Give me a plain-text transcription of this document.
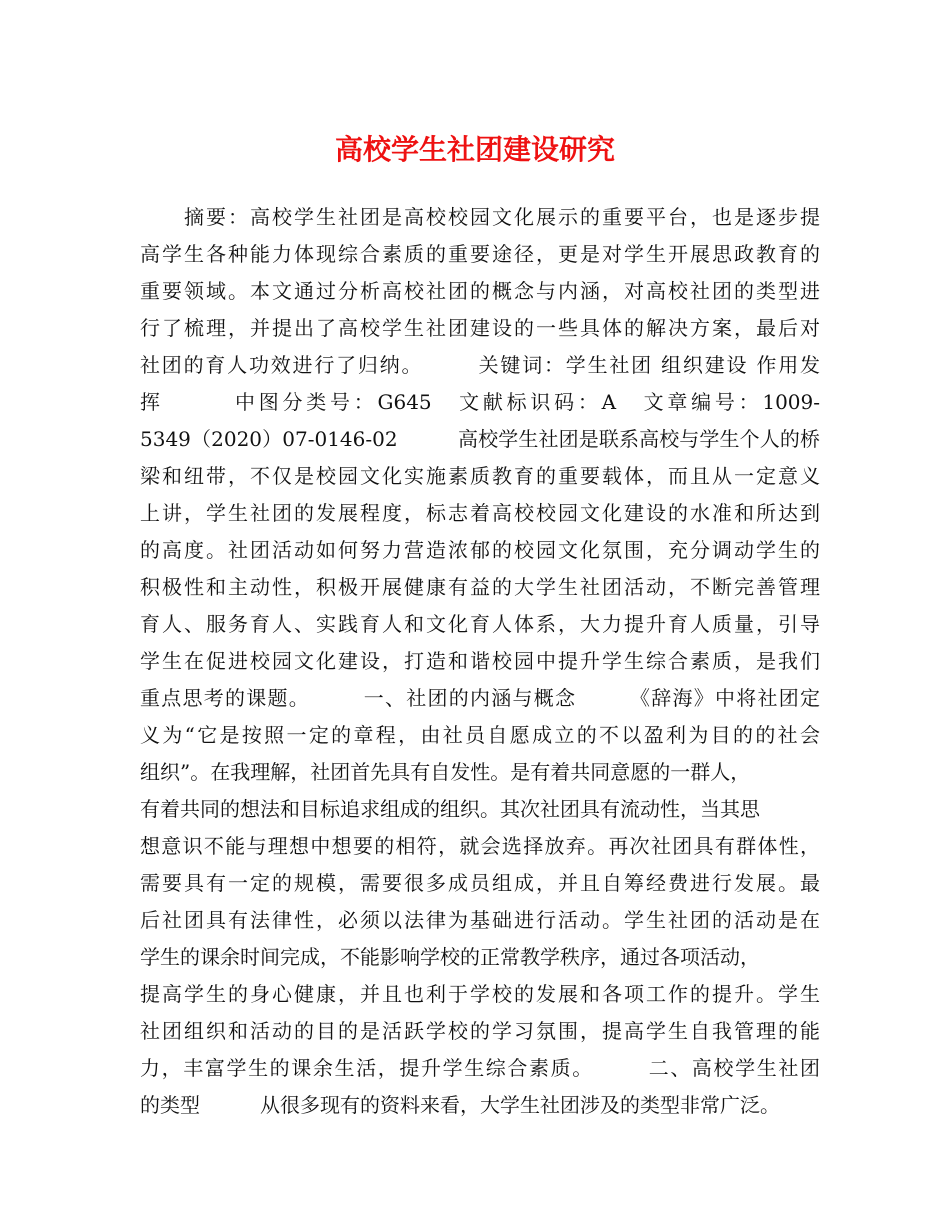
高校学生社团建设研究
　　摘要：高校学生社团是高校校园文化展示的重要平台，也是逐步提
高学生各种能力体现综合素质的重要途径，更是对学生开展思政教育的
重要领域。本文通过分析高校社团的概念与内涵，对高校社团的类型进
行了梳理，并提出了高校学生社团建设的一些具体的解决方案，最后对
社团的育人功效进行了归纳。　　　关键词：学生社团 组织建设 作用发
挥　　　中图分类号：G645　文献标识码：A　文章编号：1009-
5349（2020）07-0146-02　　　高校学生社团是联系高校与学生个人的桥
梁和纽带，不仅是校园文化实施素质教育的重要载体，而且从一定意义
上讲，学生社团的发展程度，标志着高校校园文化建设的水准和所达到
的高度。社团活动如何努力营造浓郁的校园文化氛围，充分调动学生的
积极性和主动性，积极开展健康有益的大学生社团活动，不断完善管理
育人、服务育人、实践育人和文化育人体系，大力提升育人质量，引导
学生在促进校园文化建设，打造和谐校园中提升学生综合素质，是我们
重点思考的课题。　　　一、社团的内涵与概念　　　《辞海》中将社团定
义为“它是按照一定的章程，由社员自愿成立的不以盈利为目的的社会
组织”。在我理解，社团首先具有自发性。是有着共同意愿的一群人，
有着共同的想法和目标追求组成的组织。其次社团具有流动性，当其思
想意识不能与理想中想要的相符，就会选择放弃。再次社团具有群体性，
需要具有一定的规模，需要很多成员组成，并且自筹经费进行发展。最
后社团具有法律性，必须以法律为基础进行活动。学生社团的活动是在
学生的课余时间完成，不能影响学校的正常教学秩序，通过各项活动，
提高学生的身心健康，并且也利于学校的发展和各项工作的提升。学生
社团组织和活动的目的是活跃学校的学习氛围，提高学生自我管理的能
力，丰富学生的课余生活，提升学生综合素质。　　　二、高校学生社团
的类型　　　从很多现有的资料来看，大学生社团涉及的类型非常广泛。
